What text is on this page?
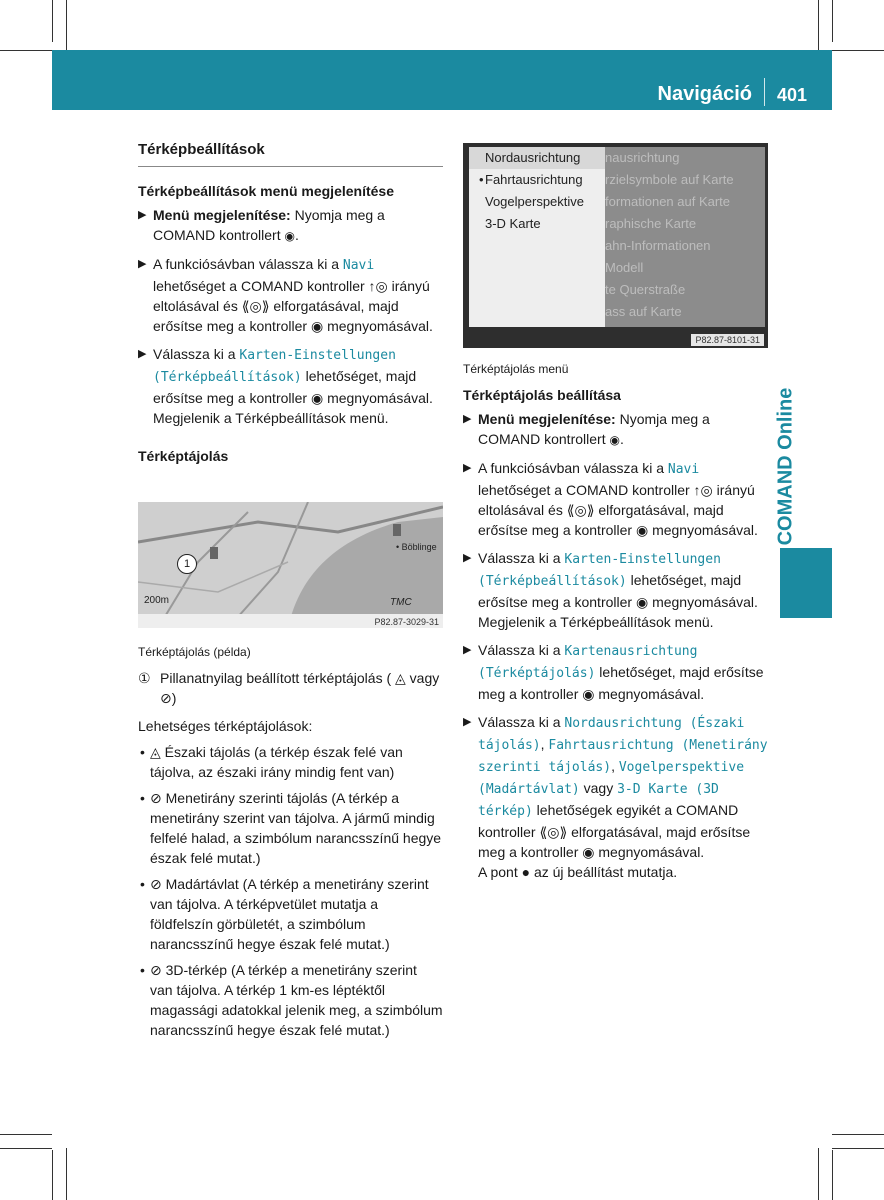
Navigáció 401
COMAND Online
Térképbeállítások
Térképbeállítások menü megjelenítése
▶ Menü megjelenítése: Nyomja meg a COMAND kontrollert ◉.
▶ A funkciósávban válassza ki a Navi lehetőséget a COMAND kontroller ↑◎ irányú eltolásával és ⟪◎⟫ elforgatásával, majd erősítse meg a kontroller ◉ megnyomásával.
▶ Válassza ki a Karten-Einstellungen (Térképbeállítások) lehetőséget, majd erősítse meg a kontroller ◉ megnyomásával.
Megjelenik a Térképbeállítások menü.
Térképtájolás
1
• Böblinge
200m	TMC
P82.87-3029-31
Térképtájolás (példa)
① Pillanatnyilag beállított térképtájolás ( ◬ vagy ⊘)
Lehetséges térképtájolások:
• ◬ Északi tájolás (a térkép észak felé van tájolva, az északi irány mindig fent van)
• ⊘ Menetirány szerinti tájolás (A térkép a menetirány szerint van tájolva. A jármű mindig felfelé halad, a szimbólum narancsszínű hegye észak felé mutat.)
• ⊘ Madártávlat (A térkép a menetirány szerint van tájolva. A térképvetület mutatja a földfelszín görbületét, a szimbólum narancsszínű hegye észak felé mutat.)
• ⊘ 3D-térkép (A térkép a menetirány szerint van tájolva. A térkép 1 km-es léptéktől magassági adatokkal jelenik meg, a szimbólum narancsszínű hegye észak felé mutat.)
nausrichtung
rzielsymbole auf Karte
formationen auf Karte
raphische Karte
ahn-Informationen
Modell
te Querstraße
ass auf Karte
Nordausrichtung
•Fahrtausrichtung
Vogelperspektive
3-D Karte
P82.87-8101-31
Térképtájolás menü
Térképtájolás beállítása
▶ Menü megjelenítése: Nyomja meg a COMAND kontrollert ◉.
▶ A funkciósávban válassza ki a Navi lehetőséget a COMAND kontroller ↑◎ irányú eltolásával és ⟪◎⟫ elforgatásával, majd erősítse meg a kontroller ◉ megnyomásával.
▶ Válassza ki a Karten-Einstellungen (Térképbeállítások) lehetőséget, majd erősítse meg a kontroller ◉ megnyomásával.
Megjelenik a Térképbeállítások menü.
▶ Válassza ki a Kartenausrichtung (Térképtájolás) lehetőséget, majd erősítse meg a kontroller ◉ megnyomásával.
▶ Válassza ki a Nordausrichtung (Északi tájolás), Fahrtausrichtung (Menetirány szerinti tájolás), Vogelperspektive (Madártávlat) vagy 3-D Karte (3D térkép) lehetőségek egyikét a COMAND kontroller ⟪◎⟫ elforgatásával, majd erősítse meg a kontroller ◉ megnyomásával.
A pont ● az új beállítást mutatja.
